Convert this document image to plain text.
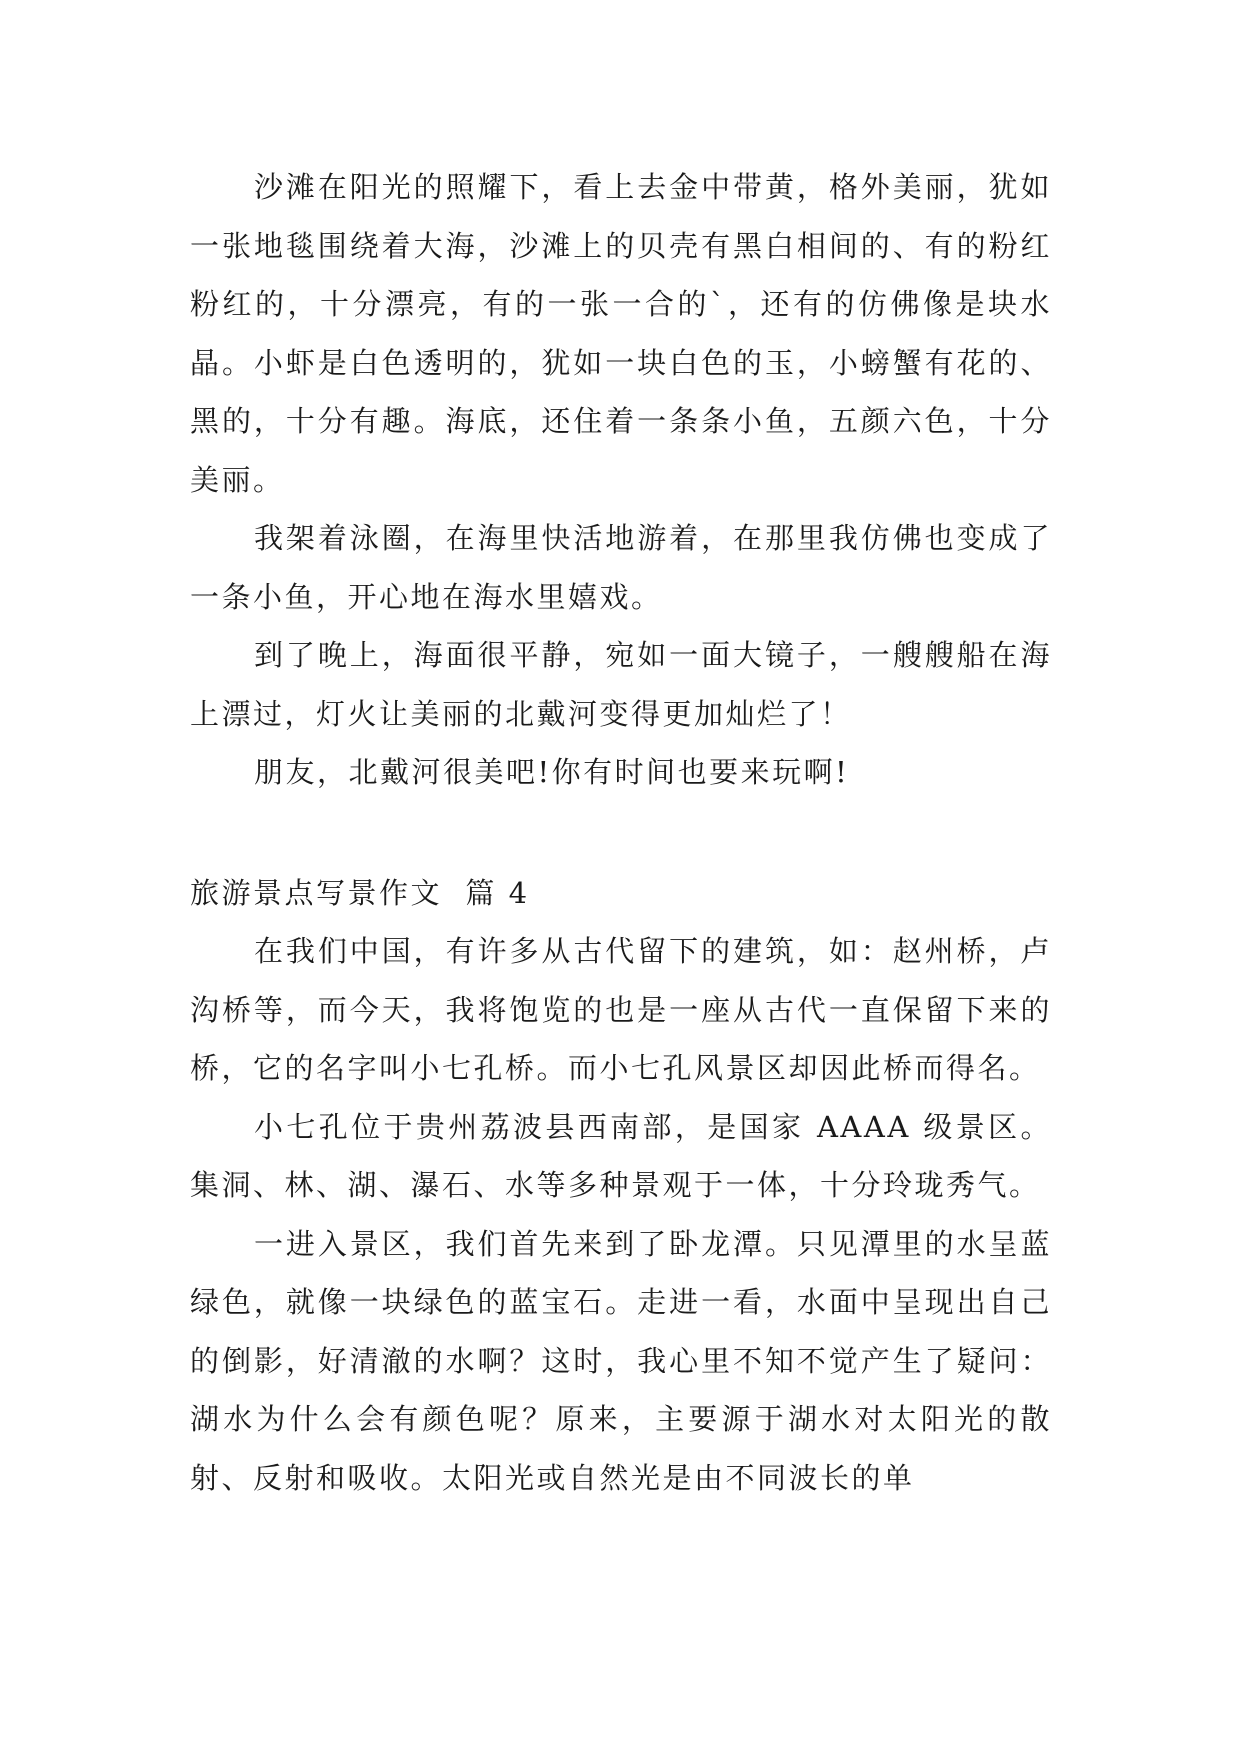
沙滩在阳光的照耀下，看上去金中带黄，格外美丽，犹如一张地毯围绕着大海，沙滩上的贝壳有黑白相间的、有的粉红粉红的，十分漂亮，有的一张一合的`，还有的仿佛像是块水晶。小虾是白色透明的，犹如一块白色的玉，小螃蟹有花的、黑的，十分有趣。海底，还住着一条条小鱼，五颜六色，十分美丽。

我架着泳圈，在海里快活地游着，在那里我仿佛也变成了一条小鱼，开心地在海水里嬉戏。

到了晚上，海面很平静，宛如一面大镜子，一艘艘船在海上漂过，灯火让美丽的北戴河变得更加灿烂了！

朋友，北戴河很美吧!你有时间也要来玩啊!

旅游景点写景作文  篇 4

在我们中国，有许多从古代留下的建筑，如：赵州桥，卢沟桥等，而今天，我将饱览的也是一座从古代一直保留下来的桥，它的名字叫小七孔桥。而小七孔风景区却因此桥而得名。

小七孔位于贵州荔波县西南部，是国家 AAAA 级景区。集洞、林、湖、瀑石、水等多种景观于一体，十分玲珑秀气。

一进入景区，我们首先来到了卧龙潭。只见潭里的水呈蓝绿色，就像一块绿色的蓝宝石。走进一看，水面中呈现出自己的倒影，好清澈的水啊？这时，我心里不知不觉产生了疑问：湖水为什么会有颜色呢？原来，主要源于湖水对太阳光的散射、反射和吸收。太阳光或自然光是由不同波长的单
